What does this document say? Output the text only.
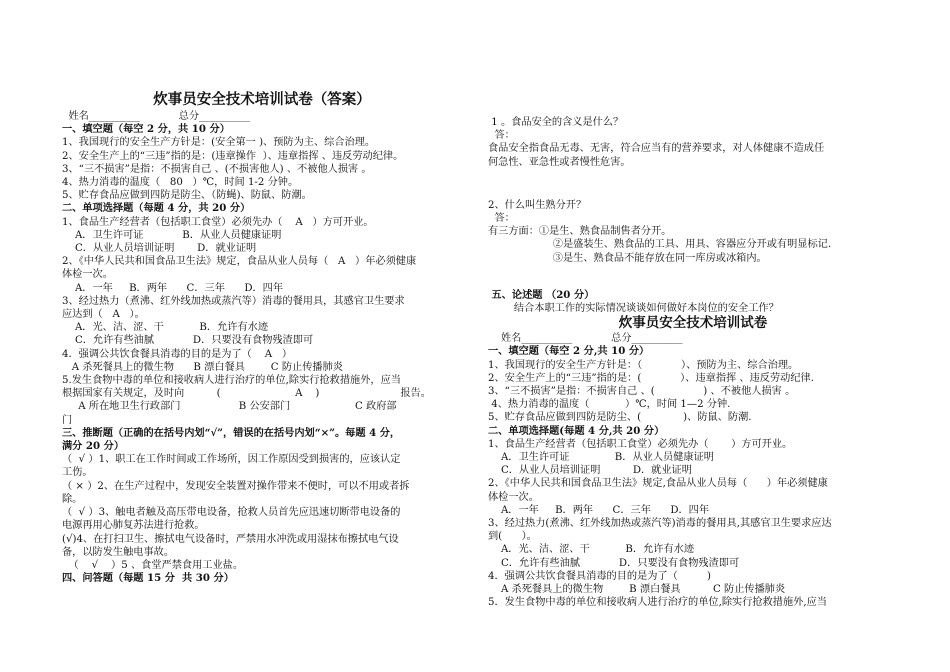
炊事员安全技术培训试卷（答案）
姓名__________            总分__________
一、填空题（每空 2 分，共 10 分）
1、我国现行的安全生产方针是：(安全第一 )、预防为主、综合治理。
2、安全生产上的“三违”指的是：(违章操作  ）、违章指挥 、违反劳动纪律。
3、“三不损害”是指：不损害自己 、(不损害他人) 、不被他人损害 。
4、热力消毒的温度（   80   ）℃，时间 1-2 分钟。
5、贮存食品应做到四防是防尘、（防蝇)、防鼠、防潮。
二、单项选择题（每题 4 分，共 20 分）
1、食品生产经营者（包括职工食堂）必须先办（    A   ）方可开业。
A．卫生许可证            B．从业人员健康证明
C．从业人员培训证明       D．就业证明
2、《中华人民共和国食品卫生法》规定，食品从业人员每（   A   ）年必须健康
体检一次。
A．一年     B．两年      C．三年      D．四年
3、经过热力（煮沸、红外线加热或蒸汽等）消毒的餐用具，其感官卫生要求
应达到（   A   ）。
A．光、洁、涩、干           B．允许有水迹
C．允许有些油腻            D．只要没有食物残渣即可
4．强调公共饮食餐具消毒的目的是为了（    A   ）
A 杀死餐具上的微生物      B 漂白餐具        C 防止传播肺炎
5.发生食物中毒的单位和接收病人进行治疗的单位,除实行抢救措施外，应当
根据国家有关规定，及时向          (                       A    )                         报告。
A 所在地卫生行政部门                  B 公安部门                    C 政府部
门
三、推断题（正确的在括号内划“√”，错误的在括号内划“×”。每题 4 分，
满分 20 分）
（  √ ）1、职工在工作时间或工作场所，因工作原因受到损害的，应该认定
工伤。
（ × ）2、在生产过程中，发现安全装置对操作带来不便时，可以不用或者拆
除。
（  √ ）3、触电者触及高压带电设备，抢救人员首先应迅速切断带电设备的
电源再用心肺复苏法进行抢救。
(√)4、在打扫卫生、擦拭电气设备时，严禁用水冲洗或用湿抹布擦拭电气设
备，以防发生触电事故。
（    √    ）5 、食堂严禁食用工业盐。
四、问答题（每题 15 分  共 30 分）
1 。食品安全的含义是什么？
答：
食品安全指食品无毒、无害，符合应当有的营养要求，对人体健康不造成任
何急性、亚急性或者慢性危害。
2、什么叫生熟分开？
答：
有三方面：①是生、熟食品制售者分开。
②是盛装生、熟食品的工具、用具、容器应分开或有明显标记.
③是生、熟食品不能存放在同一库房或冰箱内。
五、论述题 （20 分）
结合本职工作的实际情况谈谈如何做好本岗位的安全工作？
炊事员安全技术培训试卷
姓名__________            总分__________
一、填空题（每空 2 分,共 10 分）
1、我国现行的安全生产方针是：（            ）、预防为主、综合治理。
2、安全生产上的“三违”指的是：(            ）、违章指挥 、违反劳动纪律.
3、“三不损害”是指：不损害自己 、(               ) 、不被他人损害 。
4、热力消毒的温度（           ）℃，时间 1—2 分钟.
5、贮存食品应做到四防是防尘、(             )、防鼠、防潮.
二、单项选择题(每题 4 分,共 20 分）
1、食品生产经营者（包括职工食堂）必须先办（       ）方可开业。
A．卫生许可证              B．从业人员健康证明
C．从业人员培训证明          D．就业证明
2、《中华人民共和国食品卫生法》规定,食品从业人员每（      ）年必须健康
体检一次。
A．一年     B．两年      C．三年      D．四年
3、经过热力(煮沸、红外线加热或蒸汽等)消毒的餐用具,其感官卫生要求应达
到(      ）。
A．光、洁、涩、干           B．允许有水迹
C．允许有些油腻            D．只要没有食物残渣即可
4．强调公共饮食餐具消毒的目的是为了（         )
A 杀死餐具上的微生物        B 漂白餐具          C 防止传播肺炎
5．发生食物中毒的单位和接收病人进行治疗的单位,除实行抢救措施外,应当
